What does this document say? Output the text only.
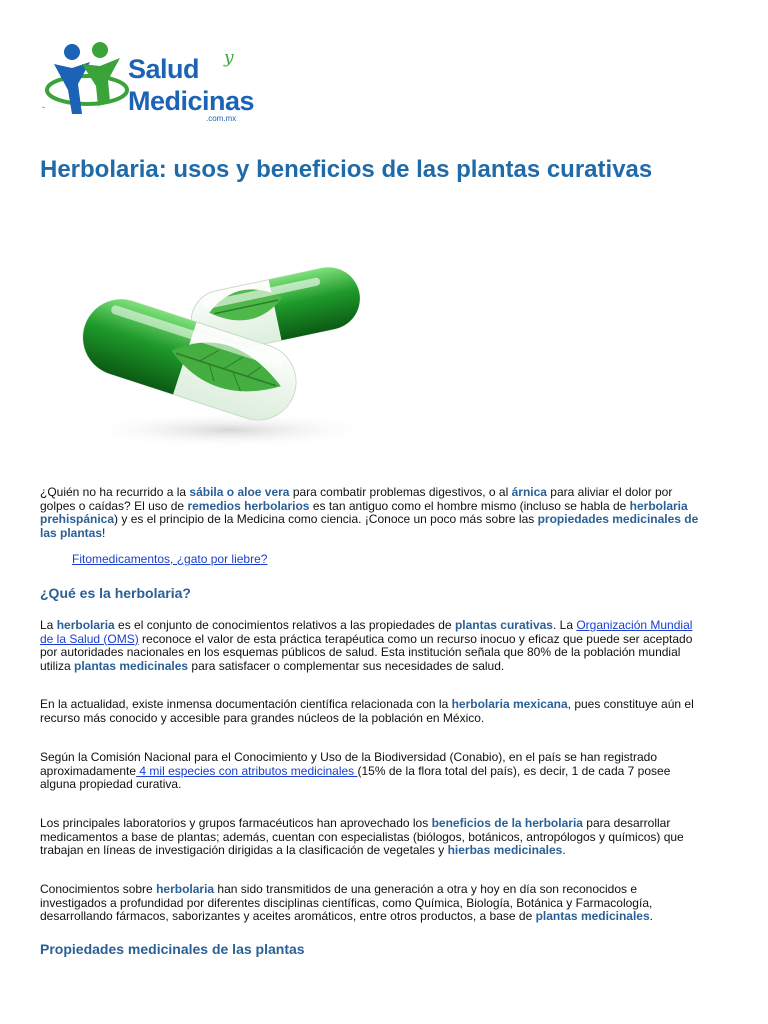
Salud y
Medicinas
.com.mx
-
Herbolaria: usos y beneficios de las plantas curativas
¿Quién no ha recurrido a la sábila o aloe vera para combatir problemas digestivos, o al árnica para aliviar el dolor por golpes o caídas? El uso de remedios herbolarios es tan antiguo como el hombre mismo (incluso se habla de herbolaria prehispánica) y es el principio de la Medicina como ciencia. ¡Conoce un poco más sobre las propiedades medicinales de las plantas!
Fitomedicamentos, ¿gato por liebre?
¿Qué es la herbolaria?
La herbolaria es el conjunto de conocimientos relativos a las propiedades de plantas curativas. La Organización Mundial de la Salud (OMS) reconoce el valor de esta práctica terapéutica como un recurso inocuo y eficaz que puede ser aceptado por autoridades nacionales en los esquemas públicos de salud. Esta institución señala que 80% de la población mundial utiliza plantas medicinales para satisfacer o complementar sus necesidades de salud.
En la actualidad, existe inmensa documentación científica relacionada con la herbolaria mexicana, pues constituye aún el recurso más conocido y accesible para grandes núcleos de la población en México.
Según la Comisión Nacional para el Conocimiento y Uso de la Biodiversidad (Conabio), en el país se han registrado aproximadamente 4 mil especies con atributos medicinales (15% de la flora total del país), es decir, 1 de cada 7 posee alguna propiedad curativa.
Los principales laboratorios y grupos farmacéuticos han aprovechado los beneficios de la herbolaria para desarrollar medicamentos a base de plantas; además, cuentan con especialistas (biólogos, botánicos, antropólogos y químicos) que trabajan en líneas de investigación dirigidas a la clasificación de vegetales y hierbas medicinales.
Conocimientos sobre herbolaria han sido transmitidos de una generación a otra y hoy en día son reconocidos e investigados a profundidad por diferentes disciplinas científicas, como Química, Biología, Botánica y Farmacología, desarrollando fármacos, saborizantes y aceites aromáticos, entre otros productos, a base de plantas medicinales.
Propiedades medicinales de las plantas
